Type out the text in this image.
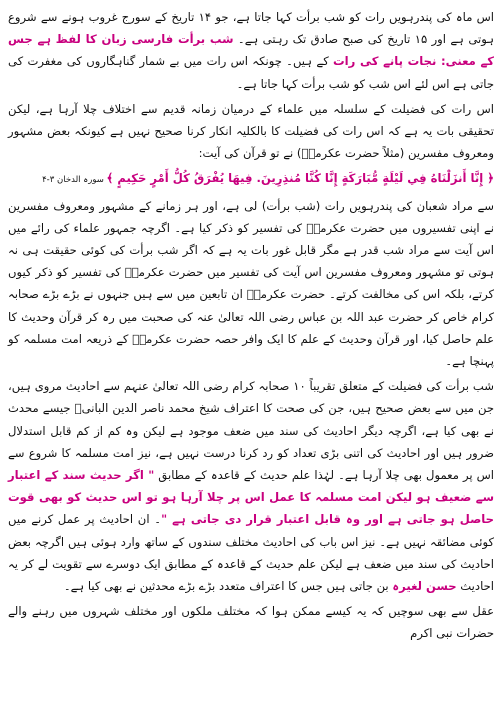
اس ماہ کی پندرہویں رات کو شب برأت کہا جاتا ہے، جو ۱۴ تاریخ کے سورج غروب ہونے سے شروع ہوتی ہے اور ۱۵ تاریخ کی صبح صادق تک رہتی ہے۔ شب برأت فارسی زبان کا لفظ ہے جس کے معنی: نجات پانے کی رات کے ہیں۔ چونکہ اس رات میں بے شمار گناہگاروں کی مغفرت کی جاتی ہے اس لئے اس شب کو شب برأت کہا جاتا ہے۔

اس رات کی فضیلت کے سلسلہ میں علماء کے درمیان زمانہ قدیم سے اختلاف چلا آرہا ہے، لیکن تحقیقی بات یہ ہے کہ اس رات کی فضیلت کا بالکلیہ انکار کرنا صحیح نہیں ہے کیونکہ بعض مشہور ومعروف مفسرین (مثلاً حضرت عکرمہؒ) نے تو قرآن کی آیت:

﴿ إِنَّا أَنزَلْنَاهُ فِي لَيْلَةٍ مُّبَارَكَةٍ إِنَّا كُنَّا مُنذِرِينَ. فِيهَا يُفْرَقُ كُلُّ أَمْرٍ حَكِيمٍ ﴾ سورہ الدخان ۳-۴

سے مراد شعبان کی پندرہویں رات (شب برأت) لی ہے، اور ہر زمانے کے مشہور ومعروف مفسرین نے اپنی تفسیروں میں حضرت عکرمہؒ کی تفسیر کو ذکر کیا ہے۔ اگرچہ جمہور علماء کی رائے میں اس آیت سے مراد شب قدر ہے مگر قابل غور بات یہ ہے کہ اگر شب برأت کی کوئی حقیقت ہی نہ ہوتی تو مشہور ومعروف مفسرین اس آیت کی تفسیر میں حضرت عکرمہؒ کی تفسیر کو ذکر کیوں کرتے، بلکہ اس کی مخالفت کرتے۔ حضرت عکرمہؒ ان تابعین میں سے ہیں جنہوں نے بڑے بڑے صحابہ کرام خاص کر حضرت عبد اللہ بن عباس رضی اللہ تعالیٰ عنہ کی صحبت میں رہ کر قرآن وحدیث کا علم حاصل کیا، اور قرآن وحدیث کے علم کا ایک وافر حصہ حضرت عکرمہؒ کے ذریعہ امت مسلمہ کو پہنچا ہے۔

شب برأت کی فضیلت کے متعلق تقریباً ۱۰ صحابہ کرام رضی اللہ تعالیٰ عنہم سے احادیث مروی ہیں، جن میں سے بعض صحیح ہیں، جن کی صحت کا اعتراف شیخ محمد ناصر الدین البانیؒ جیسے محدث نے بھی کیا ہے، اگرچہ دیگر احادیث کی سند میں ضعف موجود ہے لیکن وہ کم از کم قابل استدلال ضرور ہیں اور احادیث کی اتنی بڑی تعداد کو رد کرنا درست نہیں ہے، نیز امت مسلمہ کا شروع سے اس پر معمول بھی چلا آرہا ہے۔ لہٰذا علم حدیث کے قاعدہ کے مطابق " اگر حدیث سند کے اعتبار سے ضعیف ہو لیکن امت مسلمہ کا عمل اس پر چلا آرہا ہو تو اس حدیث کو بھی قوت حاصل ہو جاتی ہے اور وہ قابل اعتبار قرار دی جاتی ہے "۔ ان احادیث پر عمل کرنے میں کوئی مضائقہ نہیں ہے۔ نیز اس باب کی احادیث مختلف سندوں کے ساتھ وارد ہوئی ہیں اگرچہ بعض احادیث کی سند میں ضعف ہے لیکن علم حدیث کے قاعدہ کے مطابق ایک دوسرے سے تقویت لے کر یہ احادیث حسن لغیرہ بن جاتی ہیں جس کا اعتراف متعدد بڑے بڑے محدثین نے بھی کیا ہے۔

عقل سے بھی سوچیں کہ یہ کیسے ممکن ہوا کہ مختلف ملکوں اور مختلف شہروں میں رہنے والے حضرات نبی اکرم
